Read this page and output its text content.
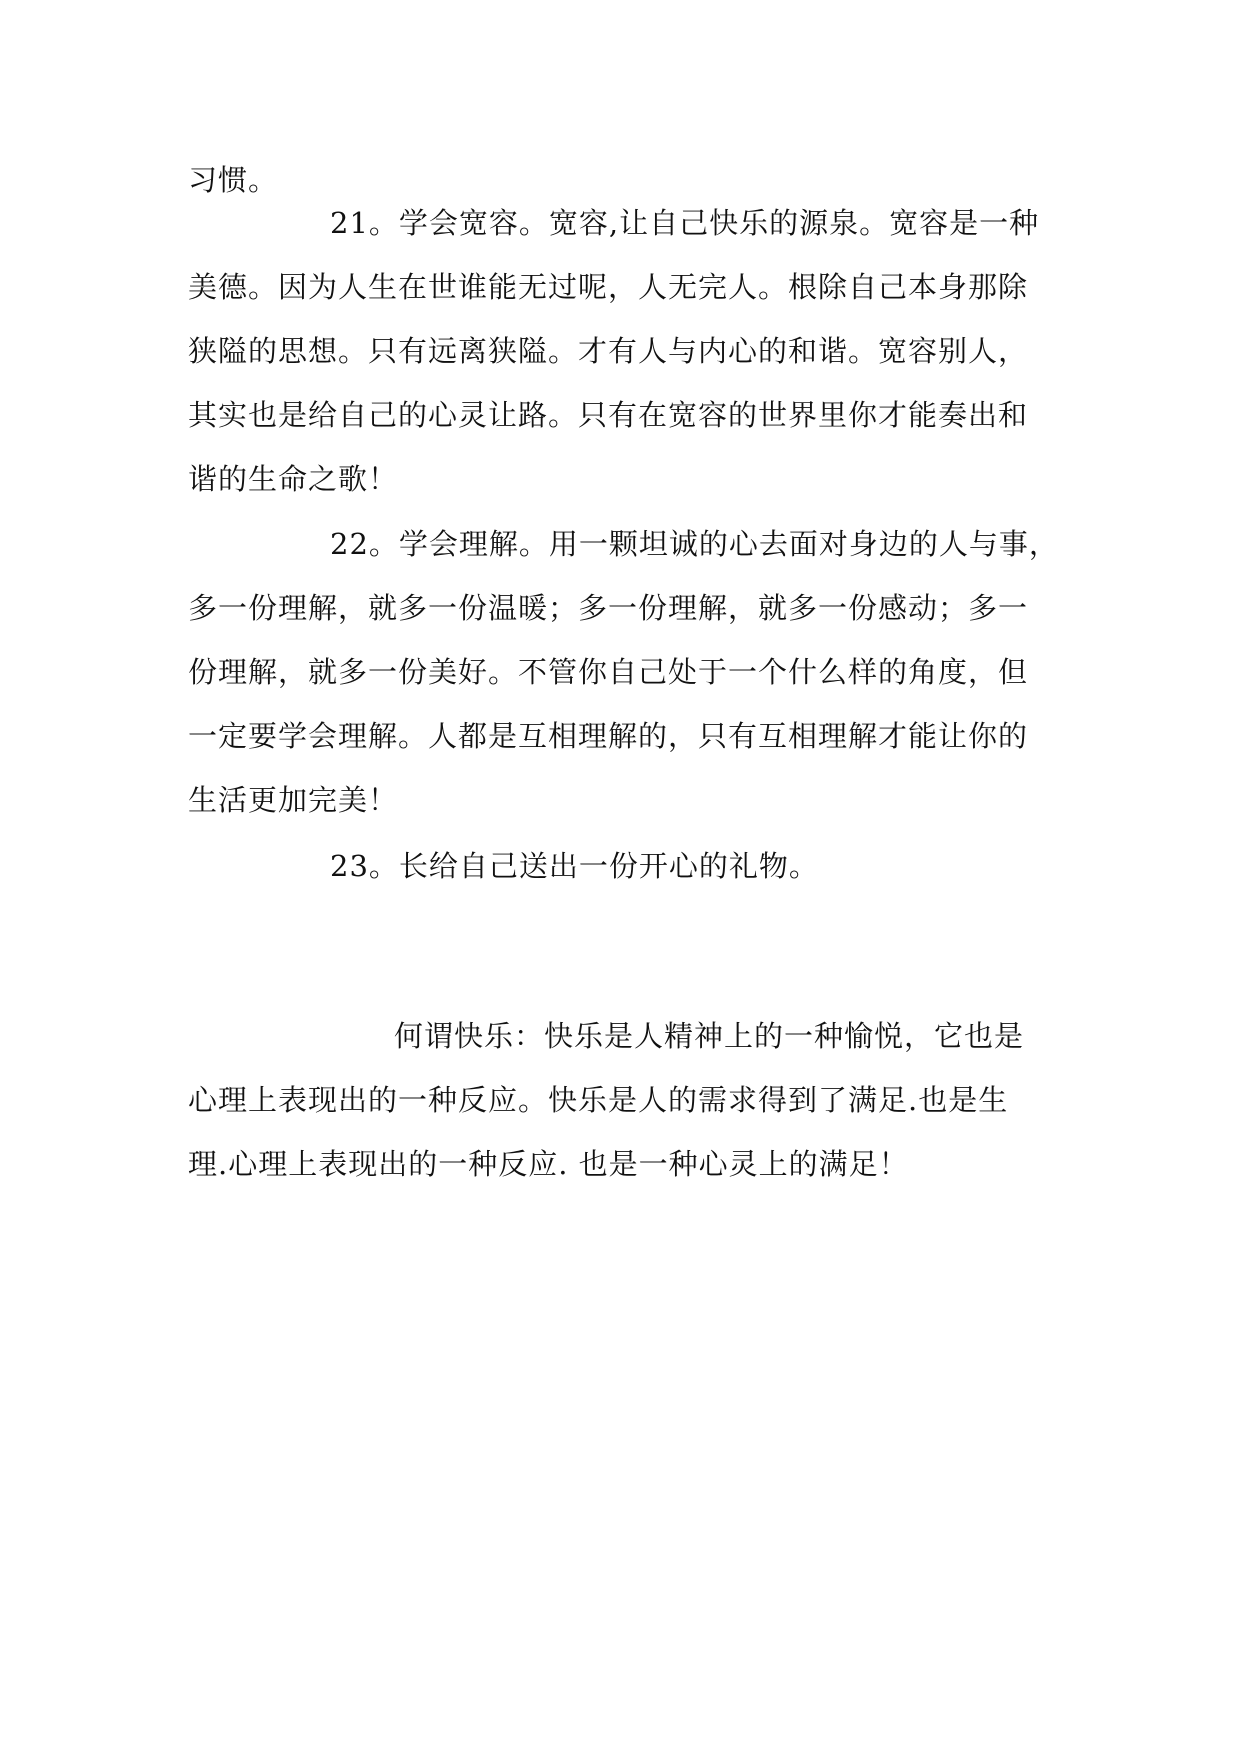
习惯。
21。学会宽容。宽容,让自己快乐的源泉。宽容是一种
美德。因为人生在世谁能无过呢，人无完人。根除自己本身那除
狭隘的思想。只有远离狭隘。才有人与内心的和谐。宽容别人，
其实也是给自己的心灵让路。只有在宽容的世界里你才能奏出和
谐的生命之歌！
22。学会理解。用一颗坦诚的心去面对身边的人与事，
多一份理解，就多一份温暖；多一份理解，就多一份感动；多一
份理解，就多一份美好。不管你自己处于一个什么样的角度，但
一定要学会理解。人都是互相理解的，只有互相理解才能让你的
生活更加完美！
23。长给自己送出一份开心的礼物。
何谓快乐：快乐是人精神上的一种愉悦，它也是
心理上表现出的一种反应。快乐是人的需求得到了满足.也是生
理.心理上表现出的一种反应. 也是一种心灵上的满足！
